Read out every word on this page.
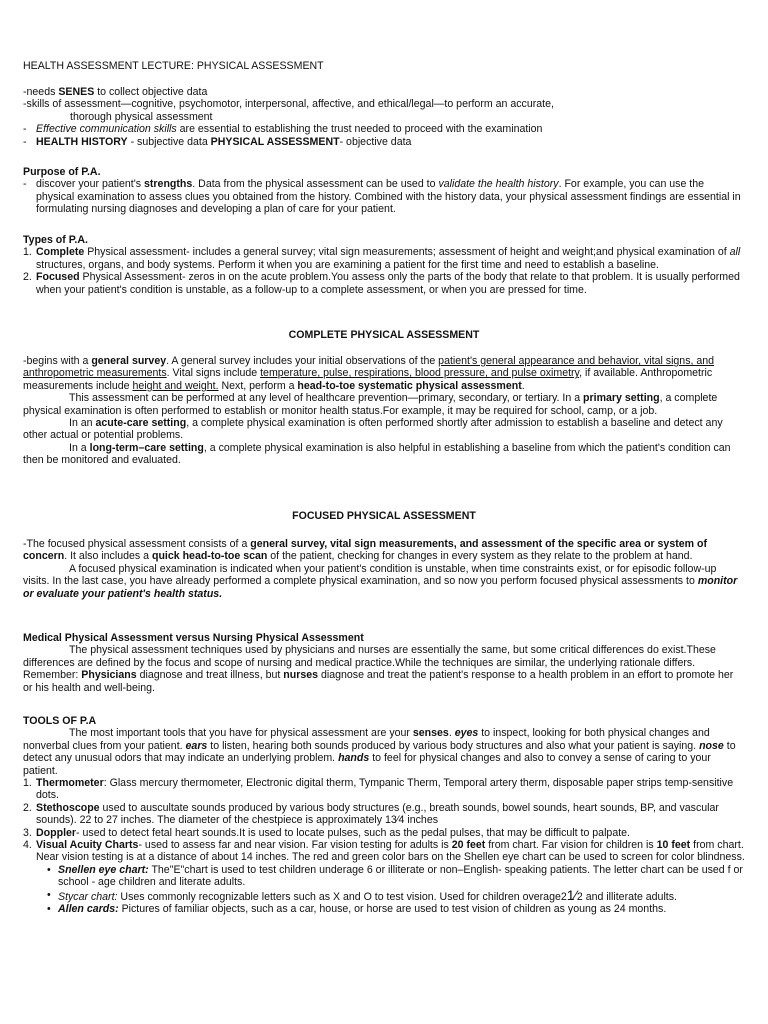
HEALTH ASSESSMENT LECTURE: PHYSICAL ASSESSMENT
-needs SENES to collect objective data
-skills of assessment—cognitive, psychomotor, interpersonal, affective, and ethical/legal—to perform an accurate,
thorough physical assessment
- Effective communication skills are essential to establishing the trust needed to proceed with the examination
- HEALTH HISTORY - subjective data PHYSICAL ASSESSMENT- objective data
Purpose of P.A.
- discover your patient's strengths. Data from the physical assessment can be used to validate the health history. For example, you can use the physical examination to assess clues you obtained from the history. Combined with the history data, your physical assessment findings are essential in formulating nursing diagnoses and developing a plan of care for your patient.
Types of P.A.
1. Complete Physical assessment- includes a general survey; vital sign measurements; assessment of height and weight;and physical examination of all structures, organs, and body systems. Perform it when you are examining a patient for the first time and need to establish a baseline.
2. Focused Physical Assessment- zeros in on the acute problem.You assess only the parts of the body that relate to that problem. It is usually performed when your patient's condition is unstable, as a follow-up to a complete assessment, or when you are pressed for time.
COMPLETE PHYSICAL ASSESSMENT
-begins with a general survey. A general survey includes your initial observations of the patient's general appearance and behavior, vital signs, and anthropometric measurements. Vital signs include temperature, pulse, respirations, blood pressure, and pulse oximetry, if available. Anthropometric measurements include height and weight. Next, perform a head-to-toe systematic physical assessment.
This assessment can be performed at any level of healthcare prevention—primary, secondary, or tertiary. In a primary setting, a complete physical examination is often performed to establish or monitor health status.For example, it may be required for school, camp, or a job.
In an acute-care setting, a complete physical examination is often performed shortly after admission to establish a baseline and detect any other actual or potential problems.
In a long-term–care setting, a complete physical examination is also helpful in establishing a baseline from which the patient's condition can then be monitored and evaluated.
FOCUSED PHYSICAL ASSESSMENT
-The focused physical assessment consists of a general survey, vital sign measurements, and assessment of the specific area or system of concern. It also includes a quick head-to-toe scan of the patient, checking for changes in every system as they relate to the problem at hand.
A focused physical examination is indicated when your patient's condition is unstable, when time constraints exist, or for episodic follow-up visits. In the last case, you have already performed a complete physical examination, and so now you perform focused physical assessments to monitor or evaluate your patient's health status.
Medical Physical Assessment versus Nursing Physical Assessment
The physical assessment techniques used by physicians and nurses are essentially the same, but some critical differences do exist.These differences are defined by the focus and scope of nursing and medical practice.While the techniques are similar, the underlying rationale differs. Remember: Physicians diagnose and treat illness, but nurses diagnose and treat the patient's response to a health problem in an effort to promote her or his health and well-being.
TOOLS OF P.A
The most important tools that you have for physical assessment are your senses. eyes to inspect, looking for both physical changes and nonverbal clues from your patient. ears to listen, hearing both sounds produced by various body structures and also what your patient is saying. nose to detect any unusual odors that may indicate an underlying problem. hands to feel for physical changes and also to convey a sense of caring to your patient.
1. Thermometer: Glass mercury thermometer, Electronic digital therm, Tympanic Therm, Temporal artery therm, disposable paper strips temp-sensitive dots.
2. Stethoscope used to auscultate sounds produced by various body structures (e.g., breath sounds, bowel sounds, heart sounds, BP, and vascular sounds). 22 to 27 inches. The diameter of the chestpiece is approximately 13⁄4 inches
3. Doppler- used to detect fetal heart sounds.It is used to locate pulses, such as the pedal pulses, that may be difficult to palpate.
4. Visual Acuity Charts- used to assess far and near vision. Far vision testing for adults is 20 feet from chart. Far vision for children is 10 feet from chart. Near vision testing is at a distance of about 14 inches. The red and green color bars on the Shellen eye chart can be used to screen for color blindness.
• Snellen eye chart: The"E"chart is used to test children underage 6 or illiterate or non–English- speaking patients. The letter chart can be used f or school - age children and literate adults.
• Stycar chart: Uses commonly recognizable letters such as X and O to test vision. Used for children overage21⁄2 and illiterate adults.
• Allen cards: Pictures of familiar objects, such as a car, house, or horse are used to test vision of children as young as 24 months.
